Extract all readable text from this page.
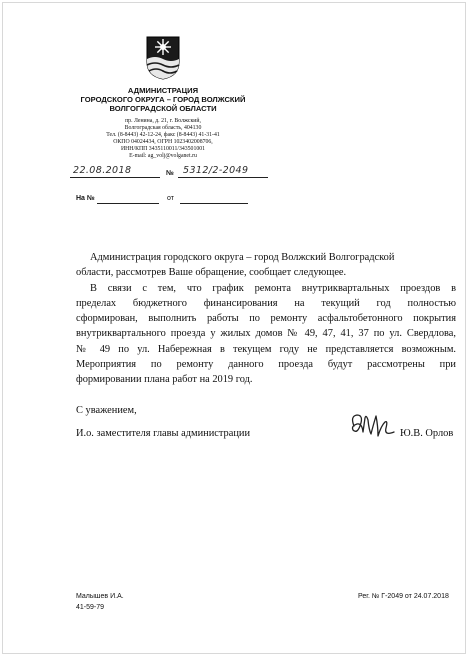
АДМИНИСТРАЦИЯ
ГОРОДСКОГО ОКРУГА – ГОРОД ВОЛЖСКИЙ
ВОЛГОГРАДСКОЙ ОБЛАСТИ
пр. Ленина, д. 21, г. Волжский,
Волгоградская область, 404130
Тел. (8-8443) 42-12-24, факс (8-8443) 41-31-41
ОКПО 04024434, ОГРН 1023402008706,
ИНН/КПП 3435110011/343501001
E-mail: ag_volj@volganet.ru
22.08.2018	№ 5312/2-2049
На №	от
Администрация городского округа – город Волжский Волгоградской
области, рассмотрев Ваше обращение, сообщает следующее.
В связи с тем, что график ремонта внутриквартальных проездов в
пределах бюджетного финансирования на текущий год полностью
сформирован, выполнить работы по ремонту асфальтобетонного покрытия
внутриквартального проезда у жилых домов № 49, 47, 41, 37 по ул. Свердлова,
№ 49 по ул. Набережная в текущем году не представляется возможным.
Мероприятия по ремонту данного проезда будут рассмотрены при
формировании плана работ на 2019 год.
С уважением,
И.о. заместителя главы администрации	Ю.В. Орлов
Малышев И.А.
41-59-79
Рег. № Г-2049 от 24.07.2018
